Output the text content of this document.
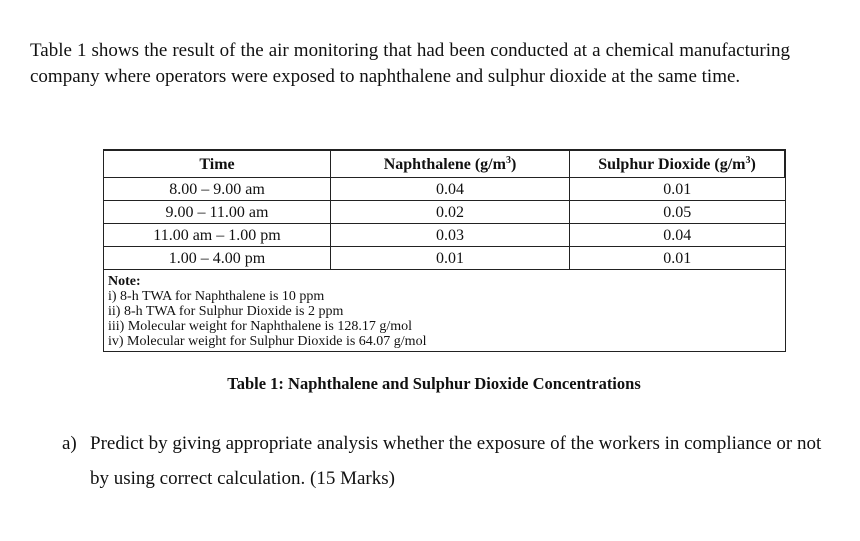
Table 1 shows the result of the air monitoring that had been conducted at a chemical manufacturing company where operators were exposed to naphthalene and sulphur dioxide at the same time.
Time	Naphthalene $(g/m^3)$	Sulphur Dioxide $(g/m^3)$
8.00 – 9.00 am	0.04	0.01
9.00 – 11.00 am	0.02	0.05
11.00 am – 1.00 pm	0.03	0.04
1.00 – 4.00 pm	0.01	0.01

Note:
i) 8-h TWA for Naphthalene is 10 ppm
ii) 8-h TWA for Sulphur Dioxide is 2 ppm
iii) Molecular weight for Naphthalene is 128.17 g/mol
iv) Molecular weight for Sulphur Dioxide is 64.07 g/mol		
Table 1: Naphthalene and Sulphur Dioxide Concentrations
a) Predict by giving appropriate analysis whether the exposure of the workers in compliance or not by using correct calculation. (15 Marks)
